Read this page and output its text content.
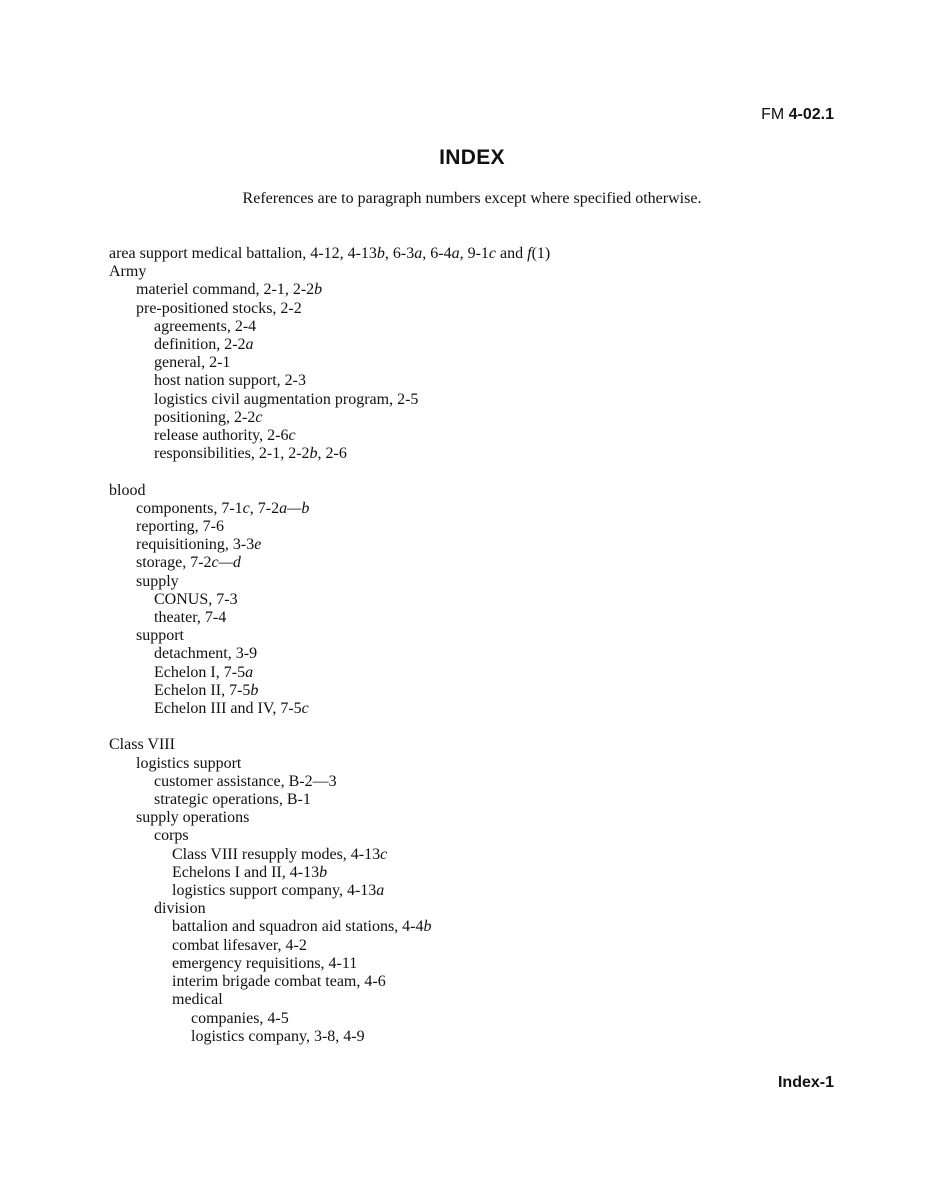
FM 4-02.1
INDEX
References are to paragraph numbers except where specified otherwise.
area support medical battalion, 4-12, 4-13b, 6-3a, 6-4a, 9-1c and f(1)
Army
materiel command, 2-1, 2-2b
pre-positioned stocks, 2-2
agreements, 2-4
definition, 2-2a
general, 2-1
host nation support, 2-3
logistics civil augmentation program, 2-5
positioning, 2-2c
release authority, 2-6c
responsibilities, 2-1, 2-2b, 2-6
blood
components, 7-1c, 7-2a—b
reporting, 7-6
requisitioning, 3-3e
storage, 7-2c—d
supply
CONUS, 7-3
theater, 7-4
support
detachment, 3-9
Echelon I, 7-5a
Echelon II, 7-5b
Echelon III and IV, 7-5c
Class VIII
logistics support
customer assistance, B-2—3
strategic operations, B-1
supply operations
corps
Class VIII resupply modes, 4-13c
Echelons I and II, 4-13b
logistics support company, 4-13a
division
battalion and squadron aid stations, 4-4b
combat lifesaver, 4-2
emergency requisitions, 4-11
interim brigade combat team, 4-6
medical
companies, 4-5
logistics company, 3-8, 4-9
Index-1
